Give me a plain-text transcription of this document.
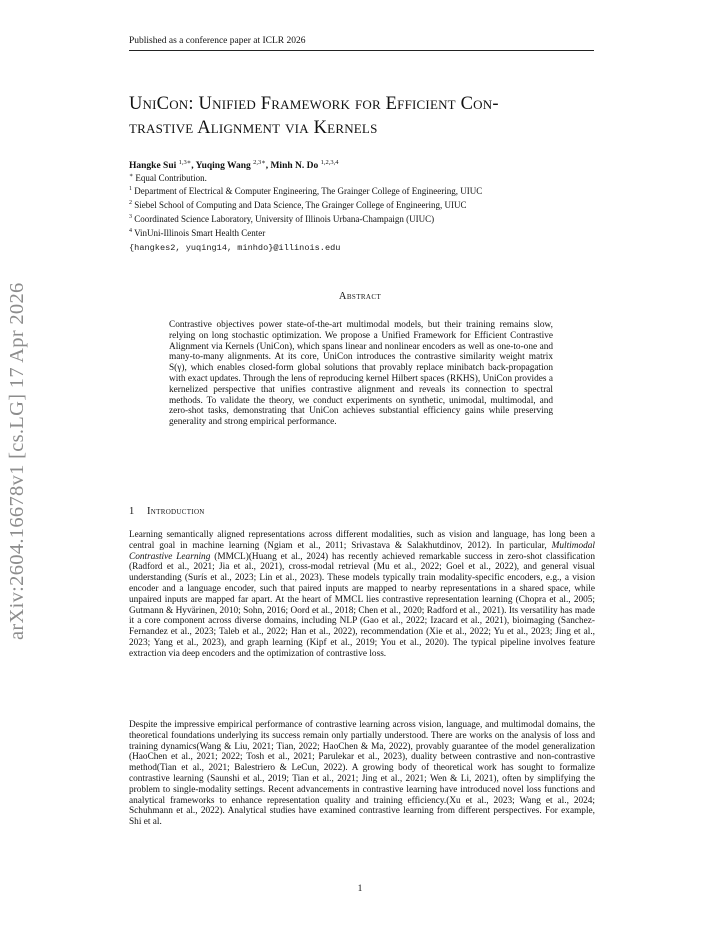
Published as a conference paper at ICLR 2026
arXiv:2604.16678v1 [cs.LG] 17 Apr 2026
UniCon: Unified Framework for Efficient Con-
trastive Alignment via Kernels
Hangke Sui $^{1,3∗}$, Yuqing Wang $^{2,3∗}$, Minh N. Do $^{1,2,3,4}$
∗ Equal Contribution.
$^1$ Department of Electrical & Computer Engineering, The Grainger College of Engineering, UIUC
$^2$ Siebel School of Computing and Data Science, The Grainger College of Engineering, UIUC
$^3$ Coordinated Science Laboratory, University of Illinois Urbana-Champaign (UIUC)
$^4$ VinUni-Illinois Smart Health Center
{hangkes2, yuqing14, minhdo}@illinois.edu
Abstract
Contrastive objectives power state-of-the-art multimodal models, but their training remains slow, relying on long stochastic optimization. We propose a Unified Framework for Efficient Contrastive Alignment via Kernels (UniCon), which spans linear and nonlinear encoders as well as one-to-one and many-to-many alignments. At its core, UniCon introduces the contrastive similarity weight matrix S(γ), which enables closed-form global solutions that provably replace minibatch back-propagation with exact updates. Through the lens of reproducing kernel Hilbert spaces (RKHS), UniCon provides a kernelized perspective that unifies contrastive alignment and reveals its connection to spectral methods. To validate the theory, we conduct experiments on synthetic, unimodal, multimodal, and zero-shot tasks, demonstrating that UniCon achieves substantial efficiency gains while preserving generality and strong empirical performance.
1 Introduction
Learning semantically aligned representations across different modalities, such as vision and language, has long been a central goal in machine learning (Ngiam et al., 2011; Srivastava & Salakhutdinov, 2012). In particular, Multimodal Contrastive Learning (MMCL)(Huang et al., 2024) has recently achieved remarkable success in zero-shot classification (Radford et al., 2021; Jia et al., 2021), cross-modal retrieval (Mu et al., 2022; Goel et al., 2022), and general visual understanding (Surís et al., 2023; Lin et al., 2023). These models typically train modality-specific encoders, e.g., a vision encoder and a language encoder, such that paired inputs are mapped to nearby representations in a shared space, while unpaired inputs are mapped far apart. At the heart of MMCL lies contrastive representation learning (Chopra et al., 2005; Gutmann & Hyvärinen, 2010; Sohn, 2016; Oord et al., 2018; Chen et al., 2020; Radford et al., 2021). Its versatility has made it a core component across diverse domains, including NLP (Gao et al., 2022; Izacard et al., 2021), bioimaging (Sanchez-Fernandez et al., 2023; Taleb et al., 2022; Han et al., 2022), recommendation (Xie et al., 2022; Yu et al., 2023; Jing et al., 2023; Yang et al., 2023), and graph learning (Kipf et al., 2019; You et al., 2020). The typical pipeline involves feature extraction via deep encoders and the optimization of contrastive loss.
Despite the impressive empirical performance of contrastive learning across vision, language, and multimodal domains, the theoretical foundations underlying its success remain only partially understood. There are works on the analysis of loss and training dynamics(Wang & Liu, 2021; Tian, 2022; HaoChen & Ma, 2022), provably guarantee of the model generalization (HaoChen et al., 2021; 2022; Tosh et al., 2021; Parulekar et al., 2023), duality between contrastive and non-contrastive method(Tian et al., 2021; Balestriero & LeCun, 2022). A growing body of theoretical work has sought to formalize contrastive learning (Saunshi et al., 2019; Tian et al., 2021; Jing et al., 2021; Wen & Li, 2021), often by simplifying the problem to single-modality settings. Recent advancements in contrastive learning have introduced novel loss functions and analytical frameworks to enhance representation quality and training efficiency.(Xu et al., 2023; Wang et al., 2024; Schuhmann et al., 2022). Analytical studies have examined contrastive learning from different perspectives. For example, Shi et al.
1
